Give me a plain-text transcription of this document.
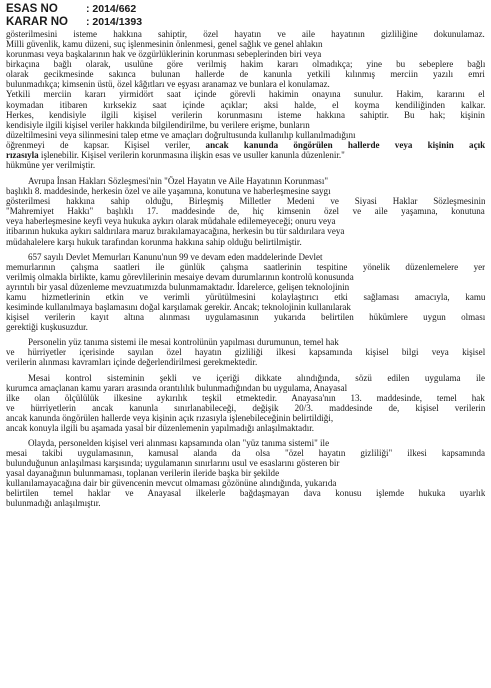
ESAS NO	: 2014/662
KARAR NO	: 2014/1393
gösterilmesini isteme hakkına sahiptir, özel hayatın ve aile hayatının gizliliğine dokunulamaz.
Milli güvenlik, kamu düzeni, suç işlenmesinin önlenmesi, genel sağlık ve genel ahlakın
korunması veya başkalarının hak ve özgürlüklerinin korunması sebeplerinden biri veya
birkaçına bağlı olarak, usulüne göre verilmiş hakim kararı olmadıkça; yine bu sebeplere bağlı
olarak gecikmesinde sakınca bulunan hallerde de kanunla yetkili kılınmış merciin yazılı emri
bulunmadıkça; kimsenin üstü, özel kâğıtları ve eşyası aranamaz ve bunlara el konulamaz.
Yetkili merciin kararı yirmidört saat içinde görevli hakimin onayına sunulur. Hakim, kararını el
koymadan itibaren kırksekiz saat içinde açıklar; aksi halde, el koyma kendiliğinden kalkar.
Herkes, kendisiyle ilgili kişisel verilerin korunmasını isteme hakkına sahiptir. Bu hak; kişinin
kendisiyle ilgili kişisel veriler hakkında bilgilendirilme, bu verilere erişme, bunların
düzeltilmesini veya silinmesini talep etme ve amaçları doğrultusunda kullanılıp kullanılmadığını
öğrenmeyi de kapsar. Kişisel veriler, ancak kanunda öngörülen hallerde veya kişinin açık
rızasıyla işlenebilir. Kişisel verilerin korunmasına ilişkin esas ve usuller kanunla düzenlenir."
hükmüne yer verilmiştir.
Avrupa İnsan Hakları Sözleşmesi'nin "Özel Hayatın ve Aile Hayatının Korunması"
başlıklı 8. maddesinde, herkesin özel ve aile yaşamına, konutuna ve haberleşmesine saygı
gösterilmesi hakkına sahip olduğu, Birleşmiş Milletler Medeni ve Siyasi Haklar Sözleşmesinin
"Mahremiyet Hakkı" başlıklı 17. maddesinde de, hiç kimsenin özel ve aile yaşamına, konutuna
veya haberleşmesine keyfi veya hukuka aykırı olarak müdahale edilemeyeceği; onuru veya
itibarının hukuka aykırı saldırılara maruz bırakılamayacağına, herkesin bu tür saldırılara veya
müdahalelere karşı hukuk tarafından korunma hakkına sahip olduğu belirtilmiştir.
657 sayılı Devlet Memurları Kanunu'nun 99 ve devam eden maddelerinde Devlet
memurlarının çalışma saatleri ile günlük çalışma saatlerinin tespitine yönelik düzenlemelere yer
verilmiş olmakla birlikte, kamu görevlilerinin mesaiye devam durumlarının kontrolü konusunda
ayrıntılı bir yasal düzenleme mevzuatımızda bulunmamaktadır. İdarelerce, gelişen teknolojinin
kamu hizmetlerinin etkin ve verimli yürütülmesini kolaylaştırıcı etki sağlaması amacıyla, kamu
kesiminde kullanılmaya başlamasını doğal karşılamak gerekir. Ancak; teknolojinin kullanılarak
kişisel verilerin kayıt altına alınması uygulamasının yukarıda belirtilen hükümlere uygun olması
gerektiği kuşkusuzdur.
Personelin yüz tanıma sistemi ile mesai kontrolünün yapılması durumunun, temel hak
ve hürriyetler içerisinde sayılan özel hayatın gizliliği ilkesi kapsamında kişisel bilgi veya kişisel
verilerin alınması kavramları içinde değerlendirilmesi gerekmektedir.
Mesai kontrol sisteminin şekli ve içeriği dikkate alındığında, sözü edilen uygulama ile
kurumca amaçlanan kamu yararı arasında orantılılık bulunmadığından bu uygulama, Anayasal
ilke olan ölçülülük ilkesine aykırılık teşkil etmektedir. Anayasa'nın 13. maddesinde, temel hak
ve hürriyetlerin ancak kanunla sınırlanabileceği, değişik 20/3. maddesinde de, kişisel verilerin
ancak kanunda öngörülen hallerde veya kişinin açık rızasıyla işlenebileceğinin belirtildiği,
ancak konuyla ilgili bu aşamada yasal bir düzenlemenin yapılmadığı anlaşılmaktadır.
Olayda, personelden kişisel veri alınması kapsamında olan "yüz tanıma sistemi" ile
mesai takibi uygulamasının, kamusal alanda da olsa "özel hayatın gizliliği" ilkesi kapsamında
bulunduğunun anlaşılması karşısında; uygulamanın sınırlarını usul ve esaslarını gösteren bir
yasal dayanağının bulunmaması, toplanan verilerin ileride başka bir şekilde
kullanılamayacağına dair bir güvencenin mevcut olmaması gözönüne alındığında, yukarıda
belirtilen temel haklar ve Anayasal ilkelerle bağdaşmayan dava konusu işlemde hukuka uyarlık
bulunmadığı anlaşılmıştır.
